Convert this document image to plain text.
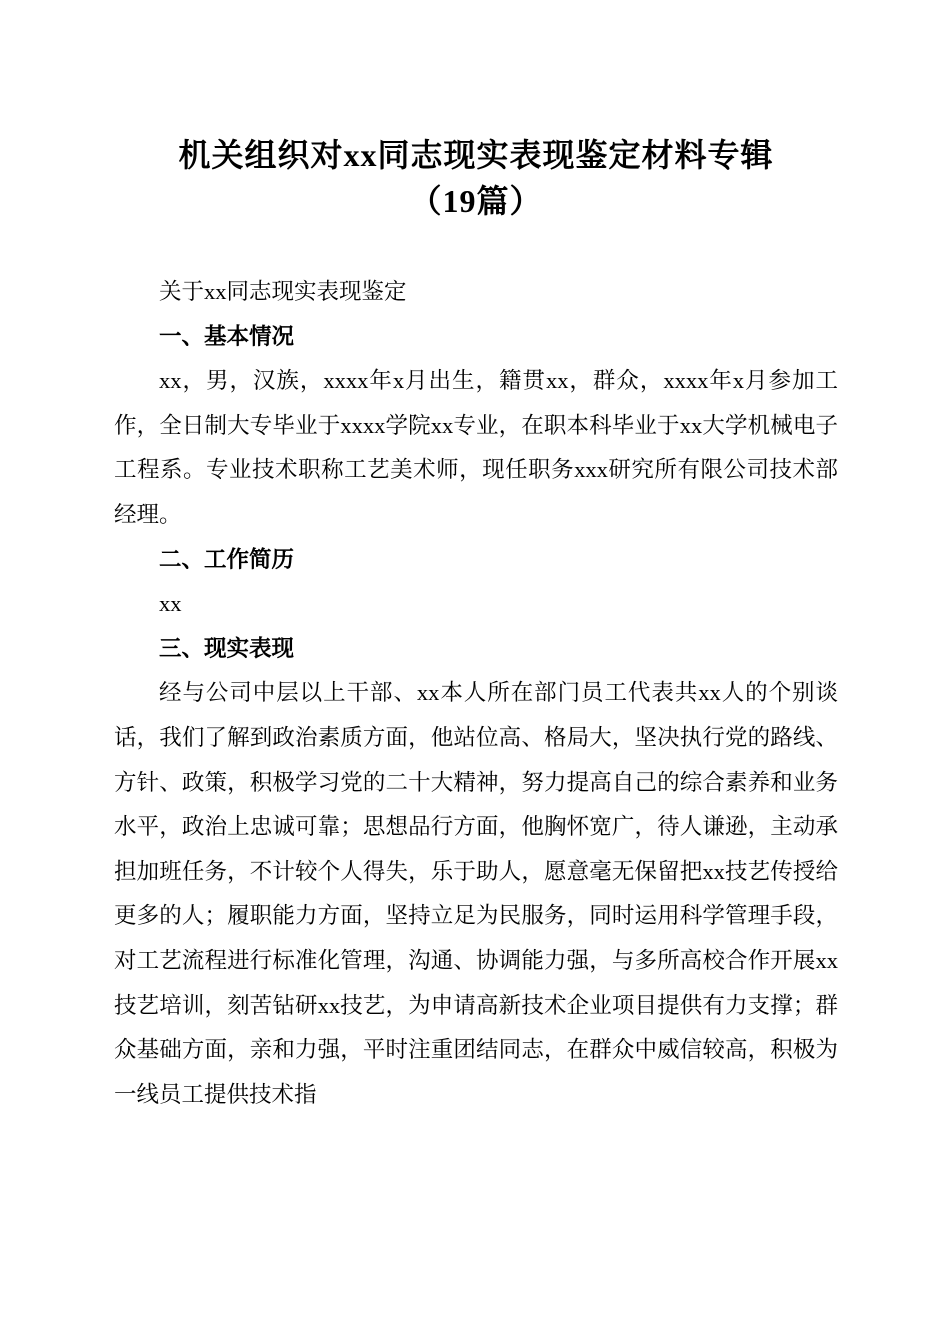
机关组织对xx同志现实表现鉴定材料专辑
（19篇）

关于xx同志现实表现鉴定

一、基本情况

xx，男，汉族，xxxx年x月出生，籍贯xx，群众，xxxx年x月参加工作，全日制大专毕业于xxxx学院xx专业，在职本科毕业于xx大学机械电子工程系。专业技术职称工艺美术师，现任职务xxx研究所有限公司技术部经理。

二、工作简历

xx

三、现实表现

经与公司中层以上干部、xx本人所在部门员工代表共xx人的个别谈话，我们了解到政治素质方面，他站位高、格局大，坚决执行党的路线、方针、政策，积极学习党的二十大精神，努力提高自己的综合素养和业务水平，政治上忠诚可靠；思想品行方面，他胸怀宽广，待人谦逊，主动承担加班任务，不计较个人得失，乐于助人，愿意毫无保留把xx技艺传授给更多的人；履职能力方面，坚持立足为民服务，同时运用科学管理手段，对工艺流程进行标准化管理，沟通、协调能力强，与多所高校合作开展xx技艺培训，刻苦钻研xx技艺，为申请高新技术企业项目提供有力支撑；群众基础方面，亲和力强，平时注重团结同志，在群众中威信较高，积极为一线员工提供技术指
